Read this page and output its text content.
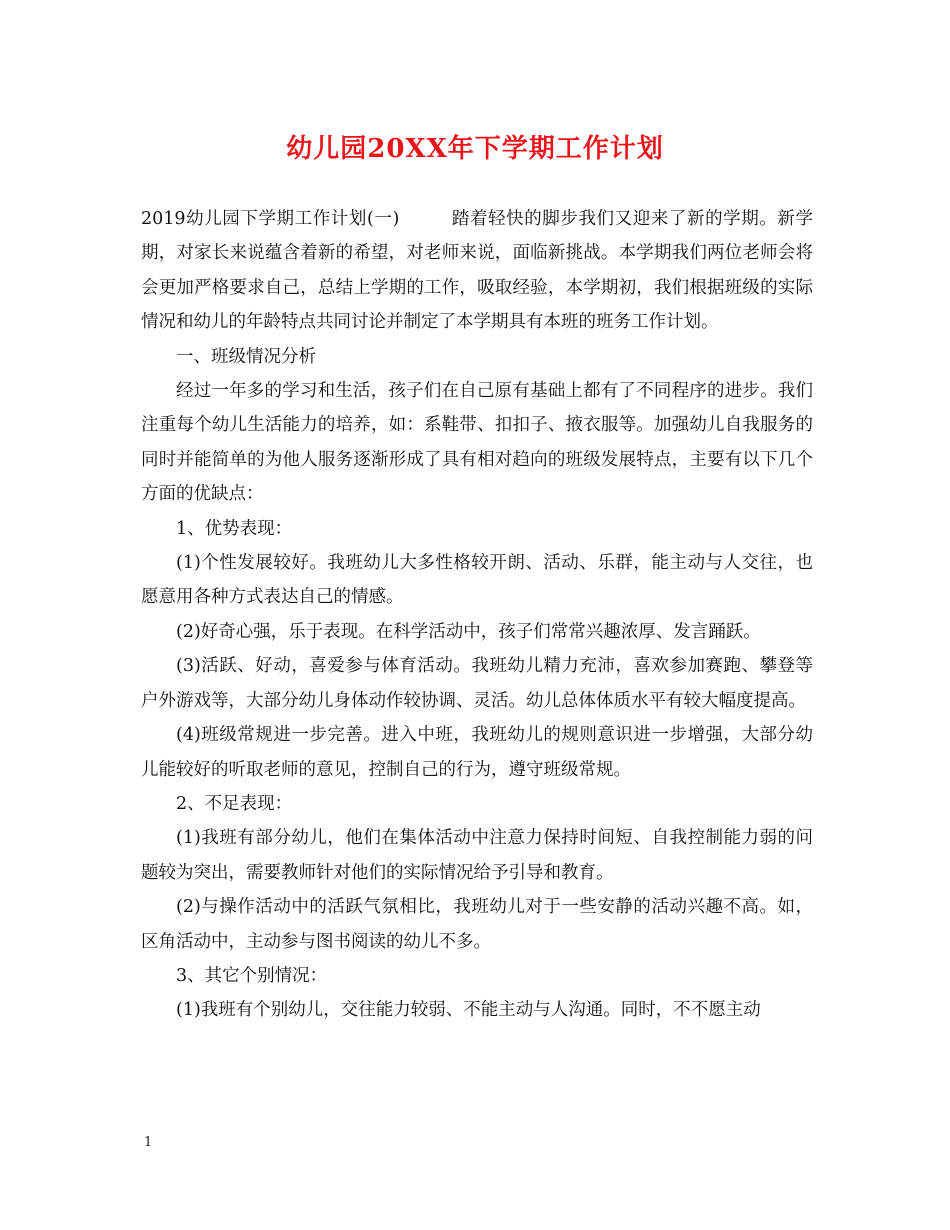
幼儿园20XX年下学期工作计划

2019幼儿园下学期工作计划(一)	踏着轻快的脚步我们又迎来了新的学期。新学期，对家长来说蕴含着新的希望，对老师来说，面临新挑战。本学期我们两位老师会将会更加严格要求自己，总结上学期的工作，吸取经验，本学期初，我们根据班级的实际情况和幼儿的年龄特点共同讨论并制定了本学期具有本班的班务工作计划。

一、班级情况分析

经过一年多的学习和生活，孩子们在自己原有基础上都有了不同程序的进步。我们注重每个幼儿生活能力的培养，如：系鞋带、扣扣子、掖衣服等。加强幼儿自我服务的同时并能简单的为他人服务逐渐形成了具有相对趋向的班级发展特点，主要有以下几个方面的优缺点：

1、优势表现：

(1)个性发展较好。我班幼儿大多性格较开朗、活动、乐群，能主动与人交往，也愿意用各种方式表达自己的情感。

(2)好奇心强，乐于表现。在科学活动中，孩子们常常兴趣浓厚、发言踊跃。

(3)活跃、好动，喜爱参与体育活动。我班幼儿精力充沛，喜欢参加赛跑、攀登等户外游戏等，大部分幼儿身体动作较协调、灵活。幼儿总体体质水平有较大幅度提高。

(4)班级常规进一步完善。进入中班，我班幼儿的规则意识进一步增强，大部分幼儿能较好的听取老师的意见，控制自己的行为，遵守班级常规。

2、不足表现：

(1)我班有部分幼儿，他们在集体活动中注意力保持时间短、自我控制能力弱的问题较为突出，需要教师针对他们的实际情况给予引导和教育。

(2)与操作活动中的活跃气氛相比，我班幼儿对于一些安静的活动兴趣不高。如，区角活动中，主动参与图书阅读的幼儿不多。

3、其它个别情况：

(1)我班有个别幼儿，交往能力较弱、不能主动与人沟通。同时，不不愿主动

1
